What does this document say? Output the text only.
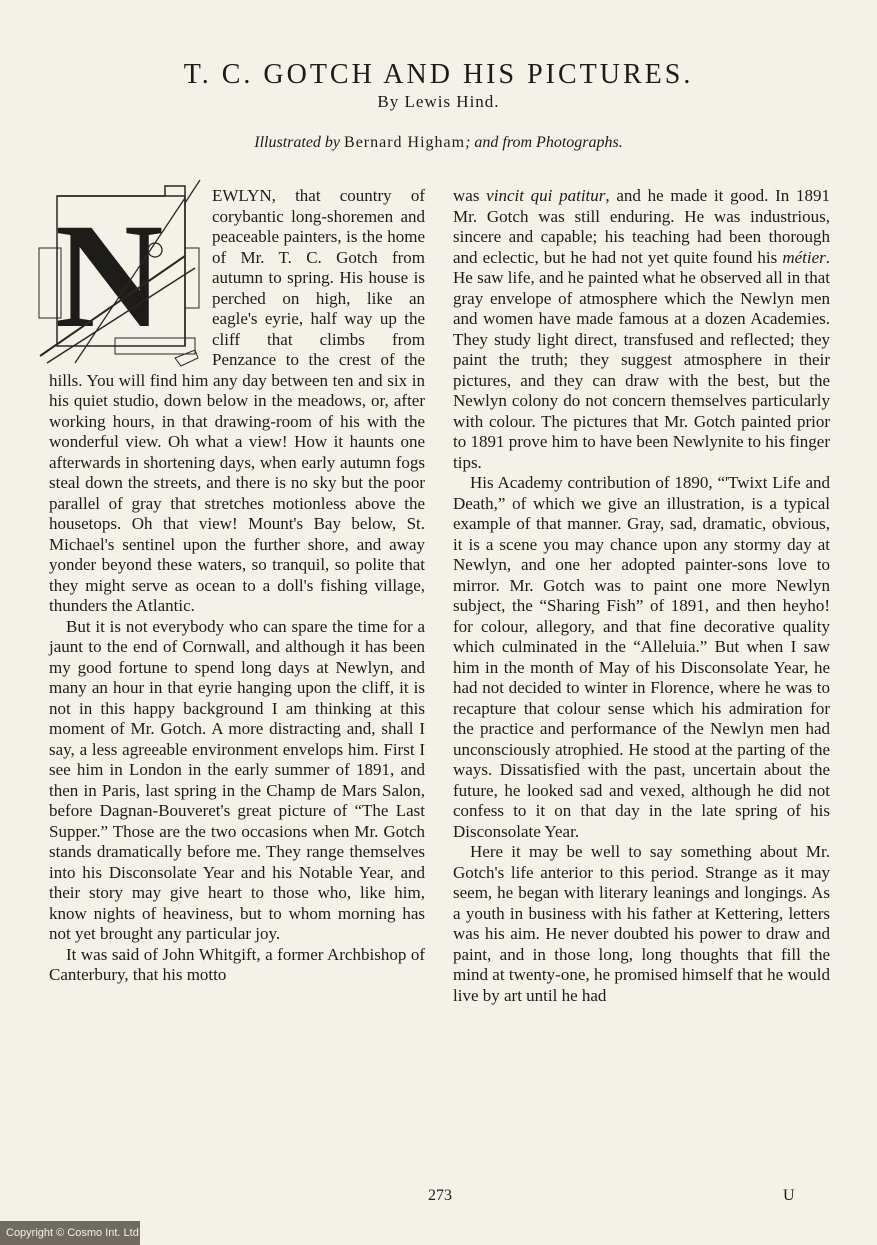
T. C. GOTCH AND HIS PICTURES.
By Lewis Hind.
Illustrated by Bernard Higham; and from Photographs.
N	EWLYN, that country of corybantic long-shoremen and peaceable painters, is the home of Mr. T. C. Gotch from autumn to spring. His house is perched on high, like an eagle's eyrie, half way up the cliff that climbs from Penzance to the crest of the hills. You will find him any day between ten and six in his quiet studio, down below in the meadows, or, after working hours, in that drawing-room of his with the wonderful view. Oh what a view! How it haunts one afterwards in shortening days, when early autumn fogs steal down the streets, and there is no sky but the poor parallel of gray that stretches motionless above the housetops. Oh that view! Mount's Bay below, St. Michael's sentinel upon the further shore, and away yonder beyond these waters, so tranquil, so polite that they might serve as ocean to a doll's fishing village, thunders the Atlantic.

But it is not everybody who can spare the time for a jaunt to the end of Cornwall, and although it has been my good fortune to spend long days at Newlyn, and many an hour in that eyrie hanging upon the cliff, it is not in this happy background I am thinking at this moment of Mr. Gotch. A more distracting and, shall I say, a less agreeable environment envelops him. First I see him in London in the early summer of 1891, and then in Paris, last spring in the Champ de Mars Salon, before Dagnan-Bouveret's great picture of “The Last Supper.” Those are the two occasions when Mr. Gotch stands dramatically before me. They range themselves into his Disconsolate Year and his Notable Year, and their story may give heart to those who, like him, know nights of heaviness, but to whom morning has not yet brought any particular joy.

It was said of John Whitgift, a former Archbishop of Canterbury, that his motto

was vincit qui patitur, and he made it good. In 1891 Mr. Gotch was still enduring. He was industrious, sincere and capable; his teaching had been thorough and eclectic, but he had not yet quite found his métier. He saw life, and he painted what he observed all in that gray envelope of atmosphere which the Newlyn men and women have made famous at a dozen Academies. They study light direct, transfused and reflected; they paint the truth; they suggest atmosphere in their pictures, and they can draw with the best, but the Newlyn colony do not concern themselves particularly with colour. The pictures that Mr. Gotch painted prior to 1891 prove him to have been Newlynite to his finger tips.

His Academy contribution of 1890, “'Twixt Life and Death,” of which we give an illustration, is a typical example of that manner. Gray, sad, dramatic, obvious, it is a scene you may chance upon any stormy day at Newlyn, and one her adopted painter-sons love to mirror. Mr. Gotch was to paint one more Newlyn subject, the “Sharing Fish” of 1891, and then heyho! for colour, allegory, and that fine decorative quality which culminated in the “Alleluia.” But when I saw him in the month of May of his Disconsolate Year, he had not decided to winter in Florence, where he was to recapture that colour sense which his admiration for the practice and performance of the Newlyn men had unconsciously atrophied. He stood at the parting of the ways. Dissatisfied with the past, uncertain about the future, he looked sad and vexed, although he did not confess to it on that day in the late spring of his Disconsolate Year.

Here it may be well to say something about Mr. Gotch's life anterior to this period. Strange as it may seem, he began with literary leanings and longings. As a youth in business with his father at Kettering, letters was his aim. He never doubted his power to draw and paint, and in those long, long thoughts that fill the mind at twenty-one, he promised himself that he would live by art until he had

273	U
Copyright © Cosmo Int. Ltd
